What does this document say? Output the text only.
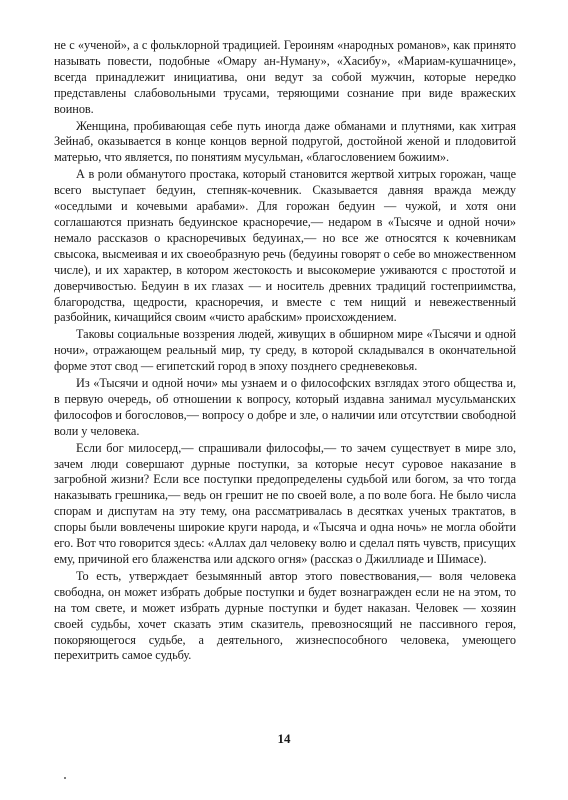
не с «ученой», а с фольклорной традицией. Героиням «народных романов», как принято называть повести, подобные «Омару ан-Нуману», «Хасибу», «Мариам-кушачнице», всегда принадлежит инициатива, они ведут за собой мужчин, которые нередко представлены слабовольными трусами, теряющими сознание при виде вражеских воинов.

Женщина, пробивающая себе путь иногда даже обманами и плутнями, как хитрая Зейнаб, оказывается в конце концов верной подругой, достойной женой и плодовитой матерью, что является, по понятиям мусульман, «благословением божиим».

А в роли обманутого простака, который становится жертвой хитрых горожан, чаще всего выступает бедуин, степняк-кочевник. Сказывается давняя вражда между «оседлыми и кочевыми арабами». Для горожан бедуин — чужой, и хотя они соглашаются признать бедуинское красноречие,— недаром в «Тысяче и одной ночи» немало рассказов о красноречивых бедуинах,— но все же относятся к кочевникам свысока, высмеивая и их своеобразную речь (бедуины говорят о себе во множественном числе), и их характер, в котором жестокость и высокомерие уживаются с простотой и доверчивостью. Бедуин в их глазах — и носитель древних традиций гостеприимства, благородства, щедрости, красноречия, и вместе с тем нищий и невежественный разбойник, кичащийся своим «чисто арабским» происхождением.

Таковы социальные воззрения людей, живущих в обширном мире «Тысячи и одной ночи», отражающем реальный мир, ту среду, в которой складывался в окончательной форме этот свод — египетский город в эпоху позднего средневековья.

Из «Тысячи и одной ночи» мы узнаем и о философских взглядах этого общества и, в первую очередь, об отношении к вопросу, который издавна занимал мусульманских философов и богословов,— вопросу о добре и зле, о наличии или отсутствии свободной воли у человека.

Если бог милосерд,— спрашивали философы,— то зачем существует в мире зло, зачем люди совершают дурные поступки, за которые несут суровое наказание в загробной жизни? Если все поступки предопределены судьбой или богом, за что тогда наказывать грешника,— ведь он грешит не по своей воле, а по воле бога. Не было числа спорам и диспутам на эту тему, она рассматривалась в десятках ученых трактатов, в споры были вовлечены широкие круги народа, и «Тысяча и одна ночь» не могла обойти его. Вот что говорится здесь: «Аллах дал человеку волю и сделал пять чувств, присущих ему, причиной его блаженства или адского огня» (рассказ о Джиллиаде и Шимасе).

То есть, утверждает безымянный автор этого повествования,— воля человека свободна, он может избрать добрые поступки и будет вознагражден если не на этом, то на том свете, и может избрать дурные поступки и будет наказан. Человек — хозяин своей судьбы, хочет сказать этим сказитель, превозносящий не пассивного героя, покоряющегося судьбе, а деятельного, жизнеспособного человека, умеющего перехитрить самое судьбу.

14
